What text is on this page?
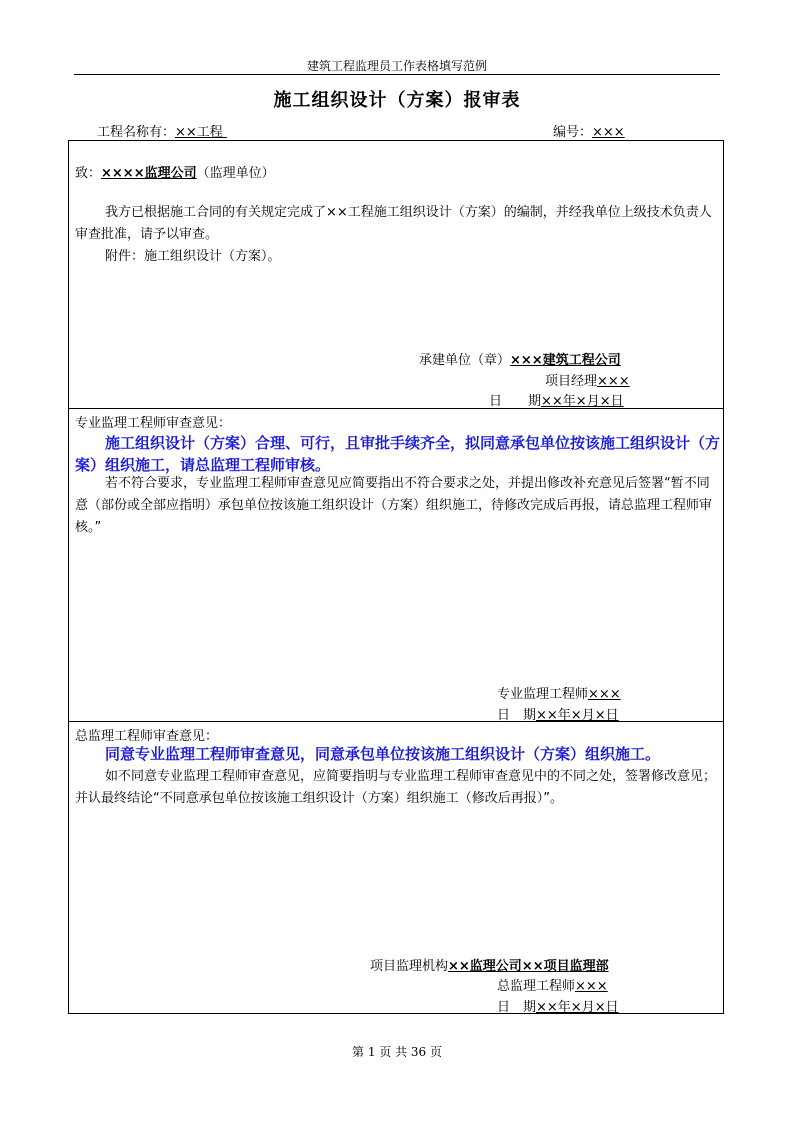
建筑工程监理员工作表格填写范例
施工组织设计（方案）报审表
工程名称有：××工程	编号：×××
致：××××监理公司（监理单位）
我方已根据施工合同的有关规定完成了××工程施工组织设计（方案）的编制，并经我单位上级技术负责人审查批准，请予以审查。
附件：施工组织设计（方案）。
承建单位（章）×××建筑工程公司
项目经理×××
日　　期××年×月×日
专业监理工程师审查意见：
施工组织设计（方案）合理、可行，且审批手续齐全，拟同意承包单位按该施工组织设计（方案）组织施工，请总监理工程师审核。
若不符合要求，专业监理工程师审查意见应简要指出不符合要求之处，并提出修改补充意见后签署“暂不同意（部份或全部应指明）承包单位按该施工组织设计（方案）组织施工，待修改完成后再报，请总监理工程师审核。”
专业监理工程师×××
日　期××年×月×日
总监理工程师审查意见：
同意专业监理工程师审查意见，同意承包单位按该施工组织设计（方案）组织施工。
如不同意专业监理工程师审查意见，应简要指明与专业监理工程师审查意见中的不同之处，签署修改意见；并认最终结论“不同意承包单位按该施工组织设计（方案）组织施工（修改后再报）”。
项目监理机构××监理公司××项目监理部
总监理工程师×××
日　期××年×月×日
第 1 页 共 36 页
